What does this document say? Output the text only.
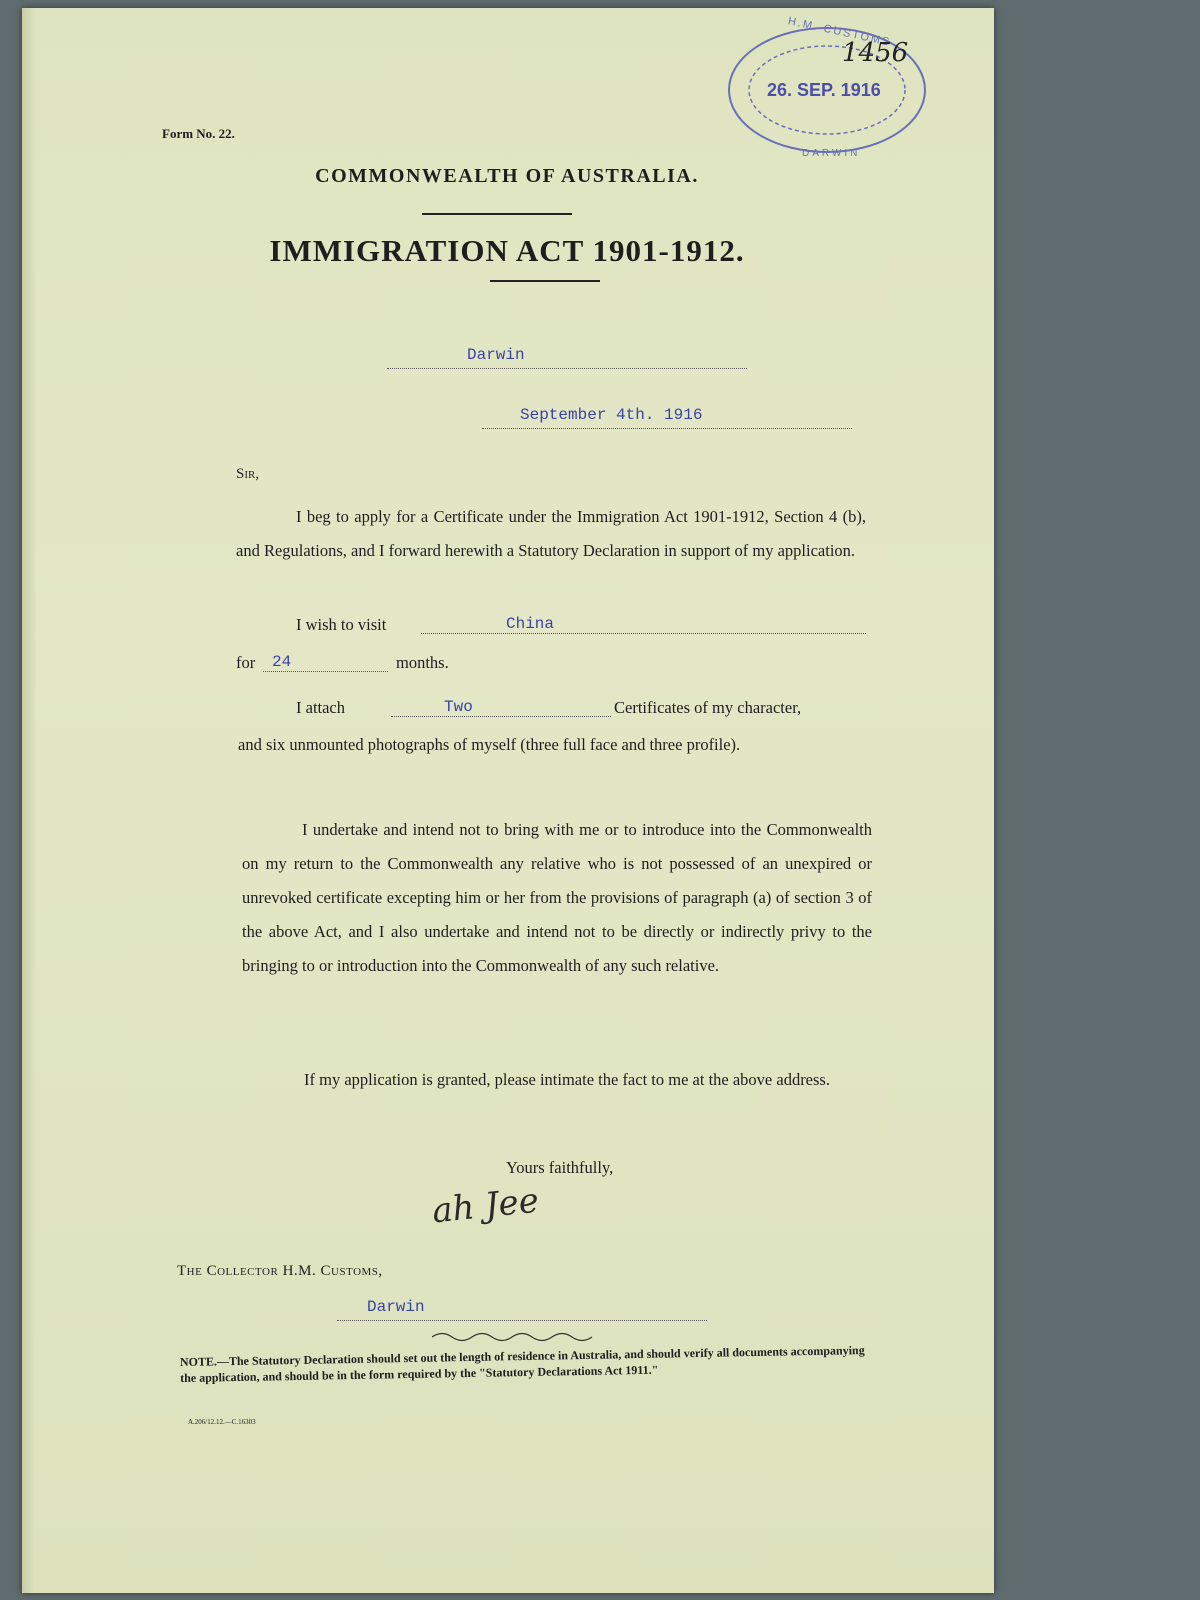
H.M. CUSTOMS
26. SEP. 1916
DARWIN
1456
Form No. 22.
COMMONWEALTH OF AUSTRALIA.
IMMIGRATION ACT 1901-1912.
Darwin
September 4th. 1916
Sir,
I beg to apply for a Certificate under the Immigration Act 1901-1912, Section 4 (b), and Regulations, and I forward herewith a Statutory Declaration in support of my application.
I wish to visit	China
for 24	months.
I attach	Two	Certificates of my character,
and six unmounted photographs of myself (three full face and three profile).
I undertake and intend not to bring with me or to introduce into the Commonwealth on my return to the Commonwealth any relative who is not possessed of an unexpired or unrevoked certificate excepting him or her from the provisions of paragraph (a) of section 3 of the above Act, and I also undertake and intend not to be directly or indirectly privy to the bringing to or introduction into the Commonwealth of any such relative.
If my application is granted, please intimate the fact to me at the above address.
Yours faithfully,
ah Jee
The Collector H.M. Customs,
Darwin
NOTE.—The Statutory Declaration should set out the length of residence in Australia, and should verify all documents accompanying the application, and should be in the form required by the "Statutory Declarations Act 1911."
A.206/12.12.—C.16303
